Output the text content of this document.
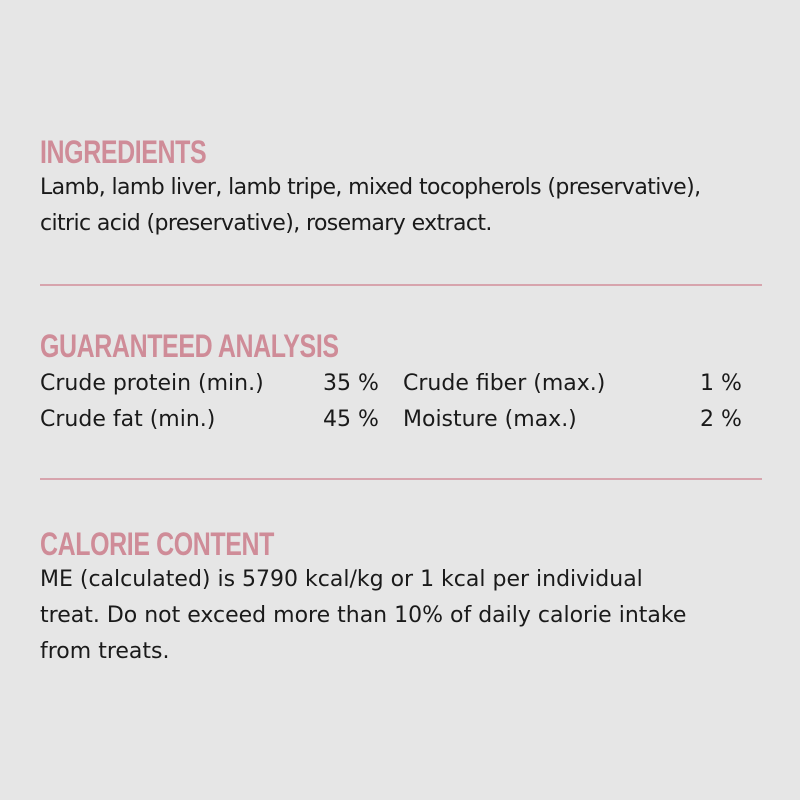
INGREDIENTS
Lamb, lamb liver, lamb tripe, mixed tocopherols (preservative),
citric acid (preservative), rosemary extract.
GUARANTEED ANALYSIS
Crude protein (min.)	35 % Crude fiber (max.)	1 %
Crude fat (min.)	45 % Moisture (max.)	2 %
CALORIE CONTENT
ME (calculated) is 5790 kcal/kg or 1 kcal per individual
treat. Do not exceed more than 10% of daily calorie intake
from treats.
